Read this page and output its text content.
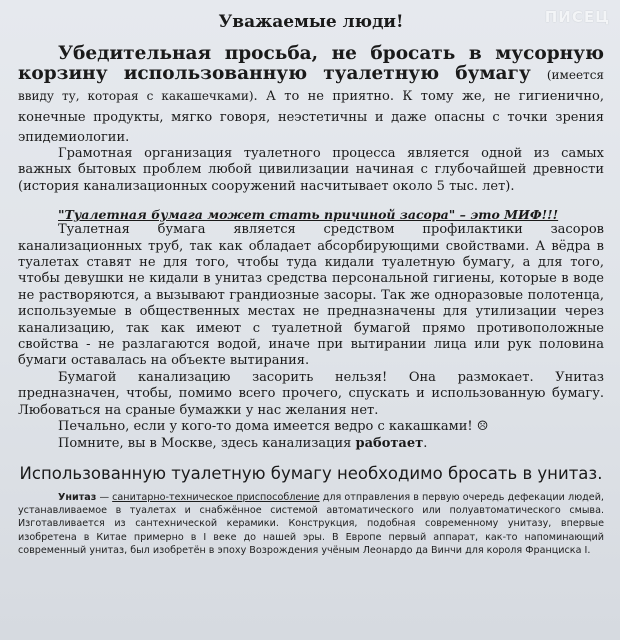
ПИСЕЦ
Уважаемые люди!

Убедительная просьба, не бросать в мусорную корзину использованную туалетную бумагу (имеется ввиду ту, которая с какашечками). А то не приятно. К тому же, не гигиенично, конечные продукты, мягко говоря, неэстетичны и даже опасны с точки зрения эпидемиологии.

Грамотная организация туалетного процесса является одной из самых важных бытовых проблем любой цивилизации начиная с глубочайшей древности (история канализационных сооружений насчитывает около 5 тыс. лет).

"Туалетная бумага может стать причиной засора" – это МИФ!!!

Туалетная бумага является средством профилактики засоров канализационных труб, так как обладает абсорбирующими свойствами. А вёдра в туалетах ставят не для того, чтобы туда кидали туалетную бумагу, а для того, чтобы девушки не кидали в унитаз средства персональной гигиены, которые в воде не растворяются, а вызывают грандиозные засоры. Так же одноразовые полотенца, используемые в общественных местах не предназначены для утилизации через канализацию, так как имеют с туалетной бумагой прямо противоположные свойства - не разлагаются водой, иначе при вытирании лица или рук половина бумаги оставалась на объекте вытирания.

Бумагой канализацию засорить нельзя! Она размокает. Унитаз предназначен, чтобы, помимо всего прочего, спускать и использованную бумагу. Любоваться на сраные бумажки у нас желания нет.

Печально, если у кого-то дома имеется ведро с какашками! ☹

Помните, вы в Москве, здесь канализация работает.

Использованную туалетную бумагу необходимо бросать в унитаз.

Унитаз — санитарно-техническое приспособление для отправления в первую очередь дефекации людей, устанавливаемое в туалетах и снабжённое системой автоматического или полуавтоматического смыва. Изготавливается из сантехнической керамики. Конструкция, подобная современному унитазу, впервые изобретена в Китае примерно в I веке до нашей эры. В Европе первый аппарат, как-то напоминающий современный унитаз, был изобретён в эпоху Возрождения учёным Леонардо да Винчи для короля Франциска I.
